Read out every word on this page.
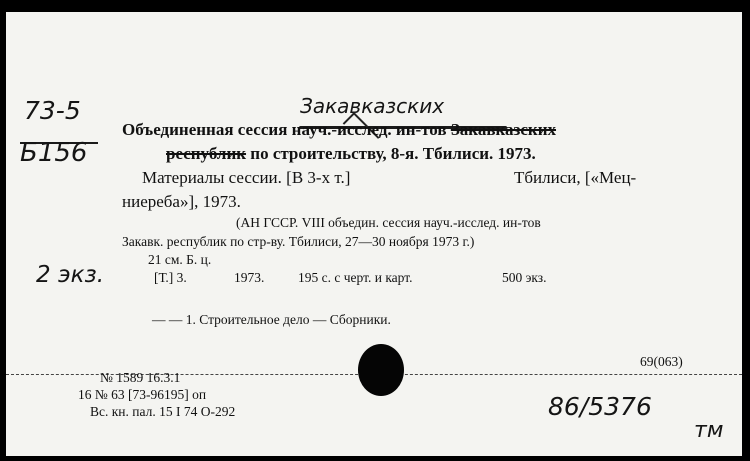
73-5
Б156
Закавказских
Объединенная сессия науч.-исслед. ин-тов Закавказских
республик по строительству, 8-я. Тбилиси. 1973.
Материалы сессии. [В 3-х т.]	Тбилиси, [«Мец-
ниереба»], 1973.
(АН ГССР. VIII объедин. сессия науч.-исслед. ин-тов
Закавк. республик по стр-ву. Тбилиси, 27—30 ноября 1973 г.)
21 см. Б. ц.
2 экз.	[Т.] 3.	1973. 195 с. с черт. и карт.	500 экз.
— — 1. Строительное дело — Сборники.
69(063)
№ 1589 16.3.1
16 № 63 [73-96195] оп
Вс. кн. пал. 15 I 74 О-292	86/5376
тм
